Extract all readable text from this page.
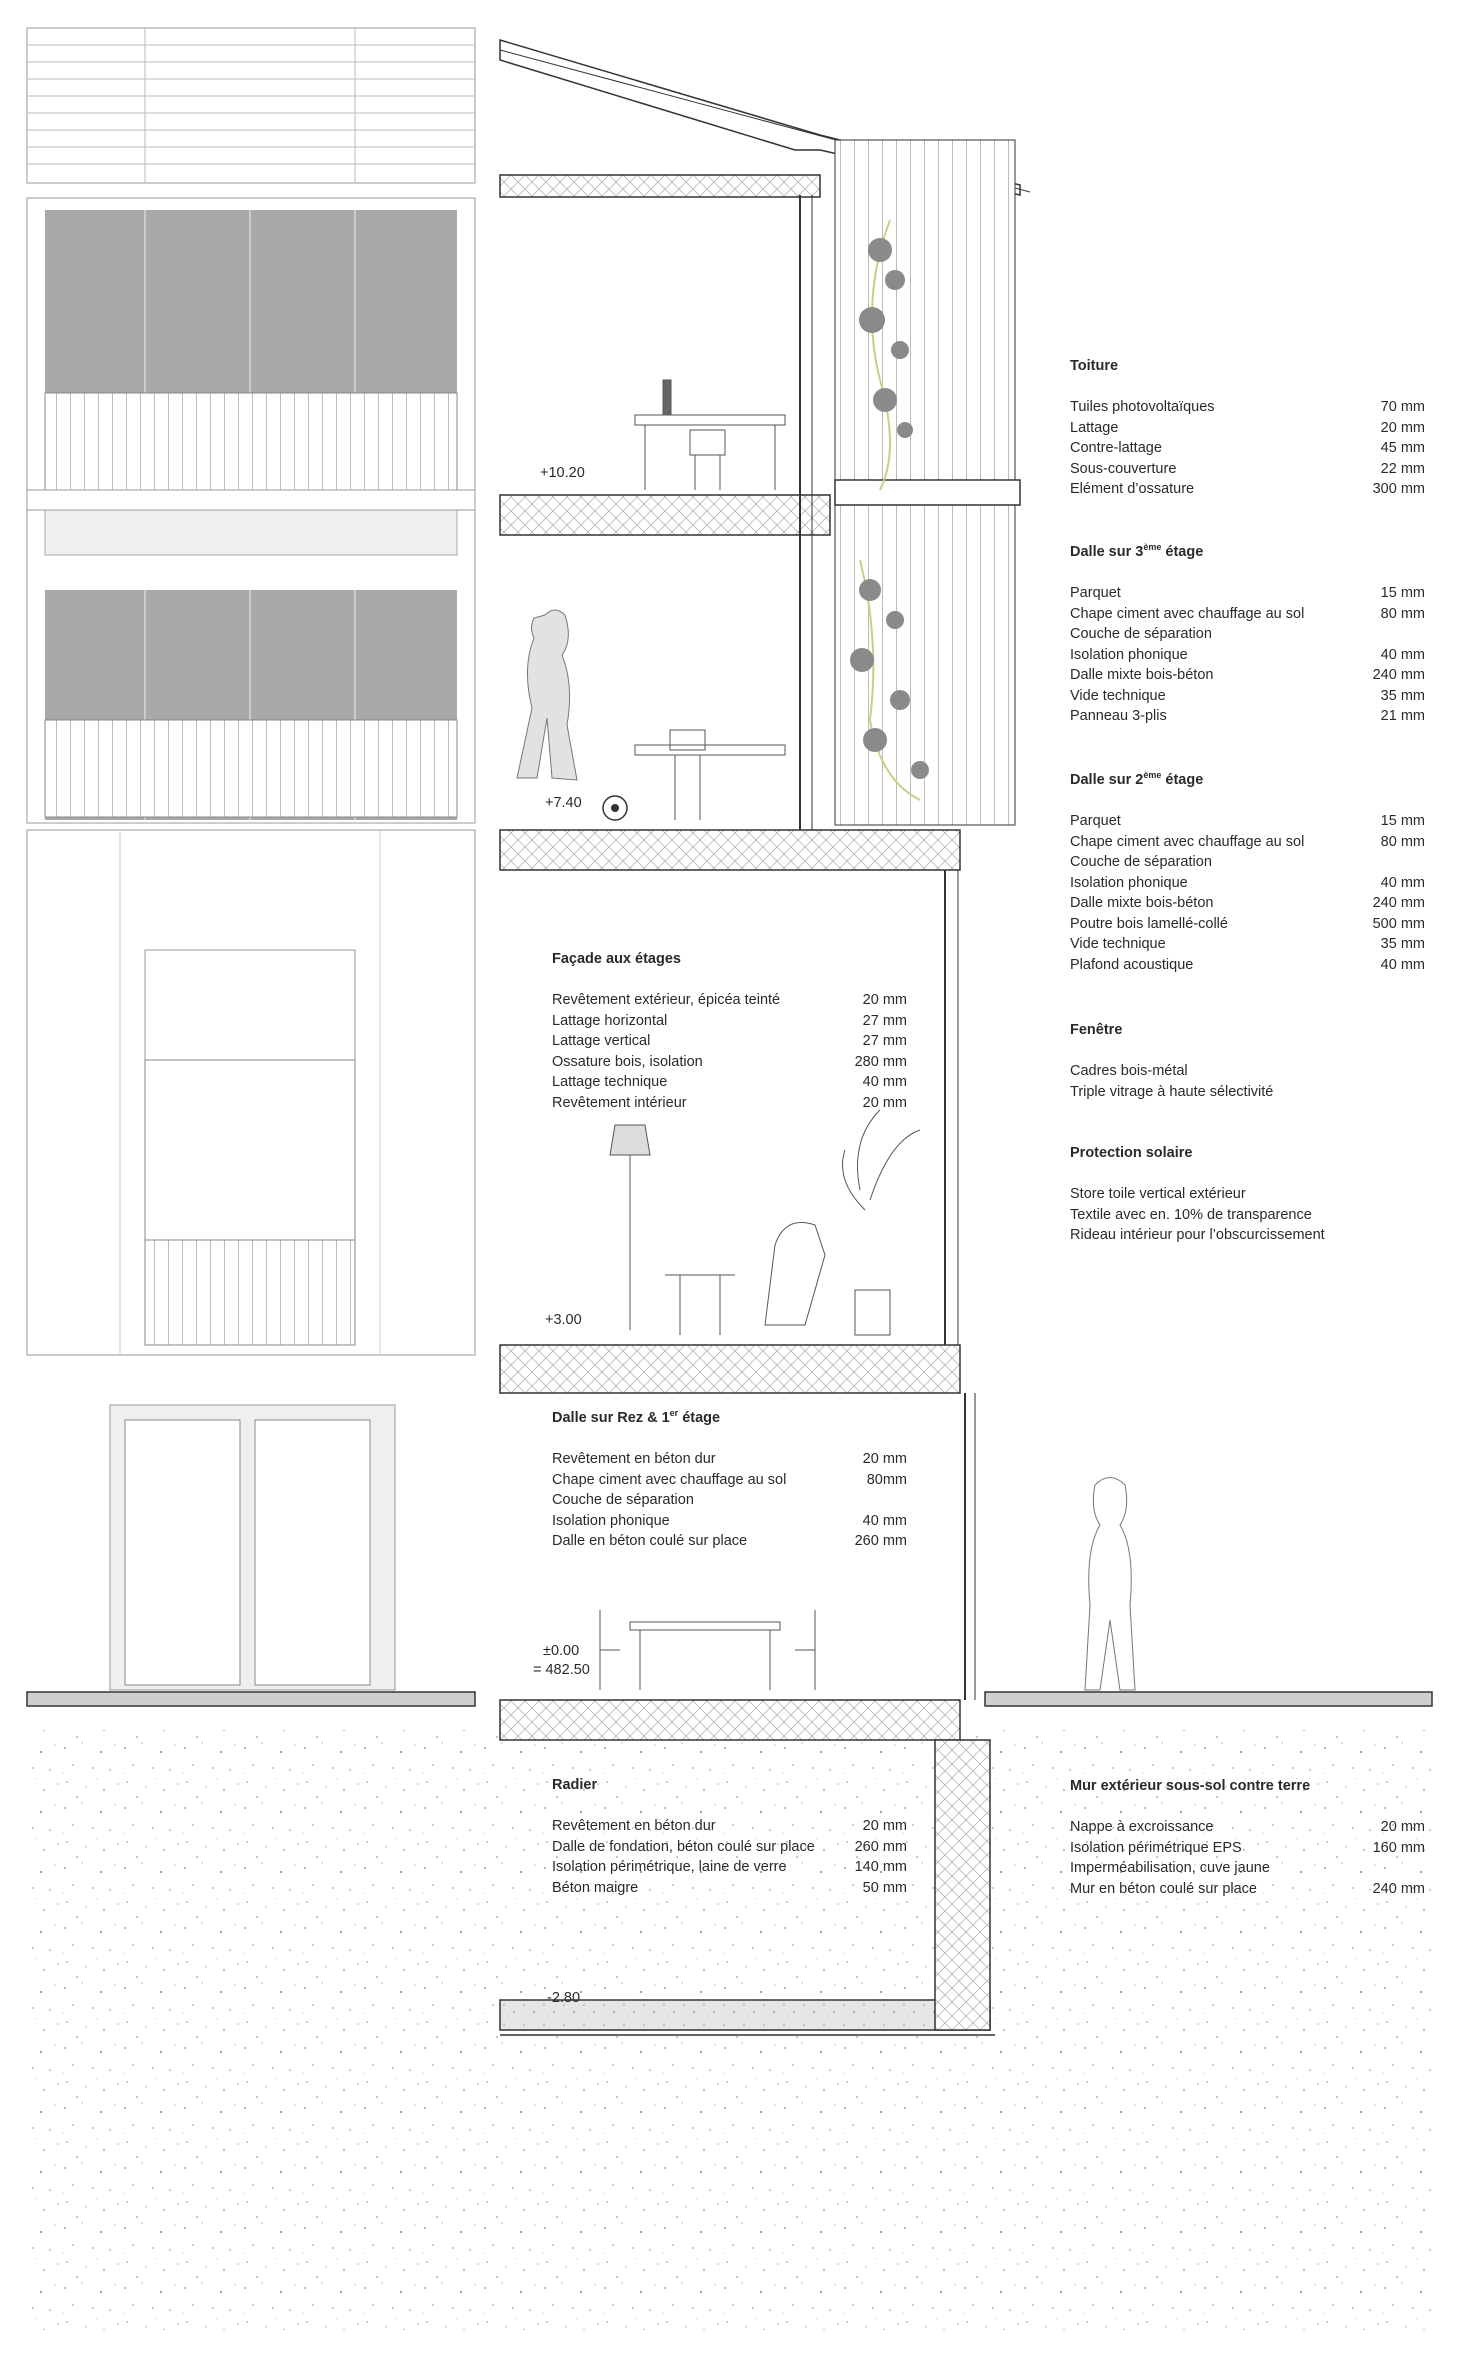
+10.20
+7.40
+3.00
±0.00
= 482.50
-2.80
Toiture
Tuiles photovoltaïques	70 mm
Lattage	20 mm
Contre-lattage	45 mm
Sous-couverture	22 mm
Elément d’ossature	300 mm
Dalle sur 3ème étage
Parquet	15 mm
Chape ciment avec chauffage au sol	80 mm
Couche de séparation
Isolation phonique	40 mm
Dalle mixte bois-béton	240 mm
Vide technique	35 mm
Panneau 3-plis	21 mm
Dalle sur 2ème étage
Parquet	15 mm
Chape ciment avec chauffage au sol	80 mm
Couche de séparation
Isolation phonique	40 mm
Dalle mixte bois-béton	240 mm
Poutre bois lamellé-collé	500 mm
Vide technique	35 mm
Plafond acoustique	40 mm
Fenêtre
Cadres bois-métal
Triple vitrage à haute sélectivité
Protection solaire
Store toile vertical extérieur
Textile avec en. 10% de transparence
Rideau intérieur pour l’obscurcissement
Façade aux étages
Revêtement extérieur, épicéa teinté	20 mm
Lattage horizontal	27 mm
Lattage vertical	27 mm
Ossature bois, isolation	280 mm
Lattage technique	40 mm
Revêtement intérieur	20 mm
Dalle sur Rez & 1er étage
Revêtement en béton dur	20 mm
Chape ciment avec chauffage au sol	80mm
Couche de séparation
Isolation phonique	40 mm
Dalle en béton coulé sur place	260 mm
Radier
Revêtement en béton dur	20 mm
Dalle de fondation, béton coulé sur place	260 mm
Isolation périmétrique, laine de verre	140 mm
Béton maigre	50 mm
Mur extérieur sous-sol contre terre
Nappe à excroissance	20 mm
Isolation périmétrique EPS	160 mm
Imperméabilisation, cuve jaune
Mur en béton coulé sur place	240 mm
